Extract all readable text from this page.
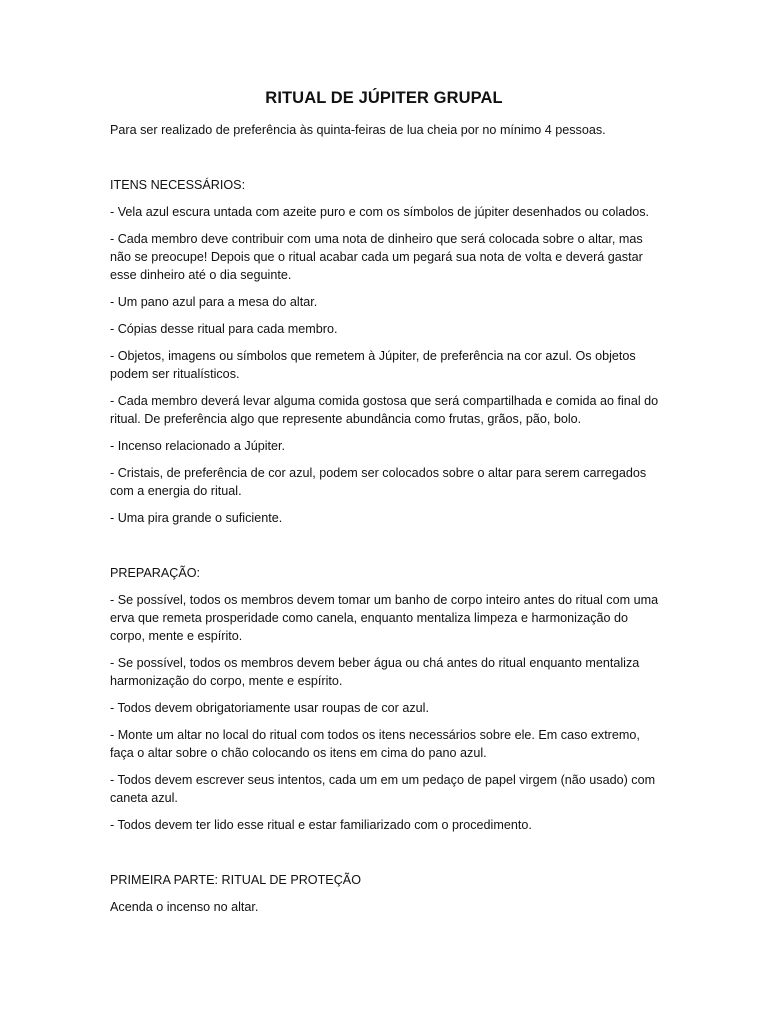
RITUAL DE JÚPITER GRUPAL

Para ser realizado de preferência às quinta-feiras de lua cheia por no mínimo 4 pessoas.

ITENS NECESSÁRIOS:

- Vela azul escura untada com azeite puro e com os símbolos de júpiter desenhados ou colados.

- Cada membro deve contribuir com uma nota de dinheiro que será colocada sobre o altar, mas não se preocupe! Depois que o ritual acabar cada um pegará sua nota de volta e deverá gastar esse dinheiro até o dia seguinte.

- Um pano azul para a mesa do altar.

- Cópias desse ritual para cada membro.

- Objetos, imagens ou símbolos que remetem à Júpiter, de preferência na cor azul. Os objetos podem ser ritualísticos.

- Cada membro deverá levar alguma comida gostosa que será compartilhada e comida ao final do ritual. De preferência algo que represente abundância como frutas, grãos, pão, bolo.

- Incenso relacionado a Júpiter.

- Cristais, de preferência de cor azul, podem ser colocados sobre o altar para serem carregados com a energia do ritual.

- Uma pira grande o suficiente.

PREPARAÇÃO:

- Se possível, todos os membros devem tomar um banho de corpo inteiro antes do ritual com uma erva que remeta prosperidade como canela, enquanto mentaliza limpeza e harmonização do corpo, mente e espírito.

- Se possível, todos os membros devem beber água ou chá antes do ritual enquanto mentaliza harmonização do corpo, mente e espírito.

- Todos devem obrigatoriamente usar roupas de cor azul.

- Monte um altar no local do ritual com todos os itens necessários sobre ele. Em caso extremo, faça o altar sobre o chão colocando os itens em cima do pano azul.

- Todos devem escrever seus intentos, cada um em um pedaço de papel virgem (não usado) com caneta azul.

- Todos devem ter lido esse ritual e estar familiarizado com o procedimento.

PRIMEIRA PARTE: RITUAL DE PROTEÇÃO

Acenda o incenso no altar.
